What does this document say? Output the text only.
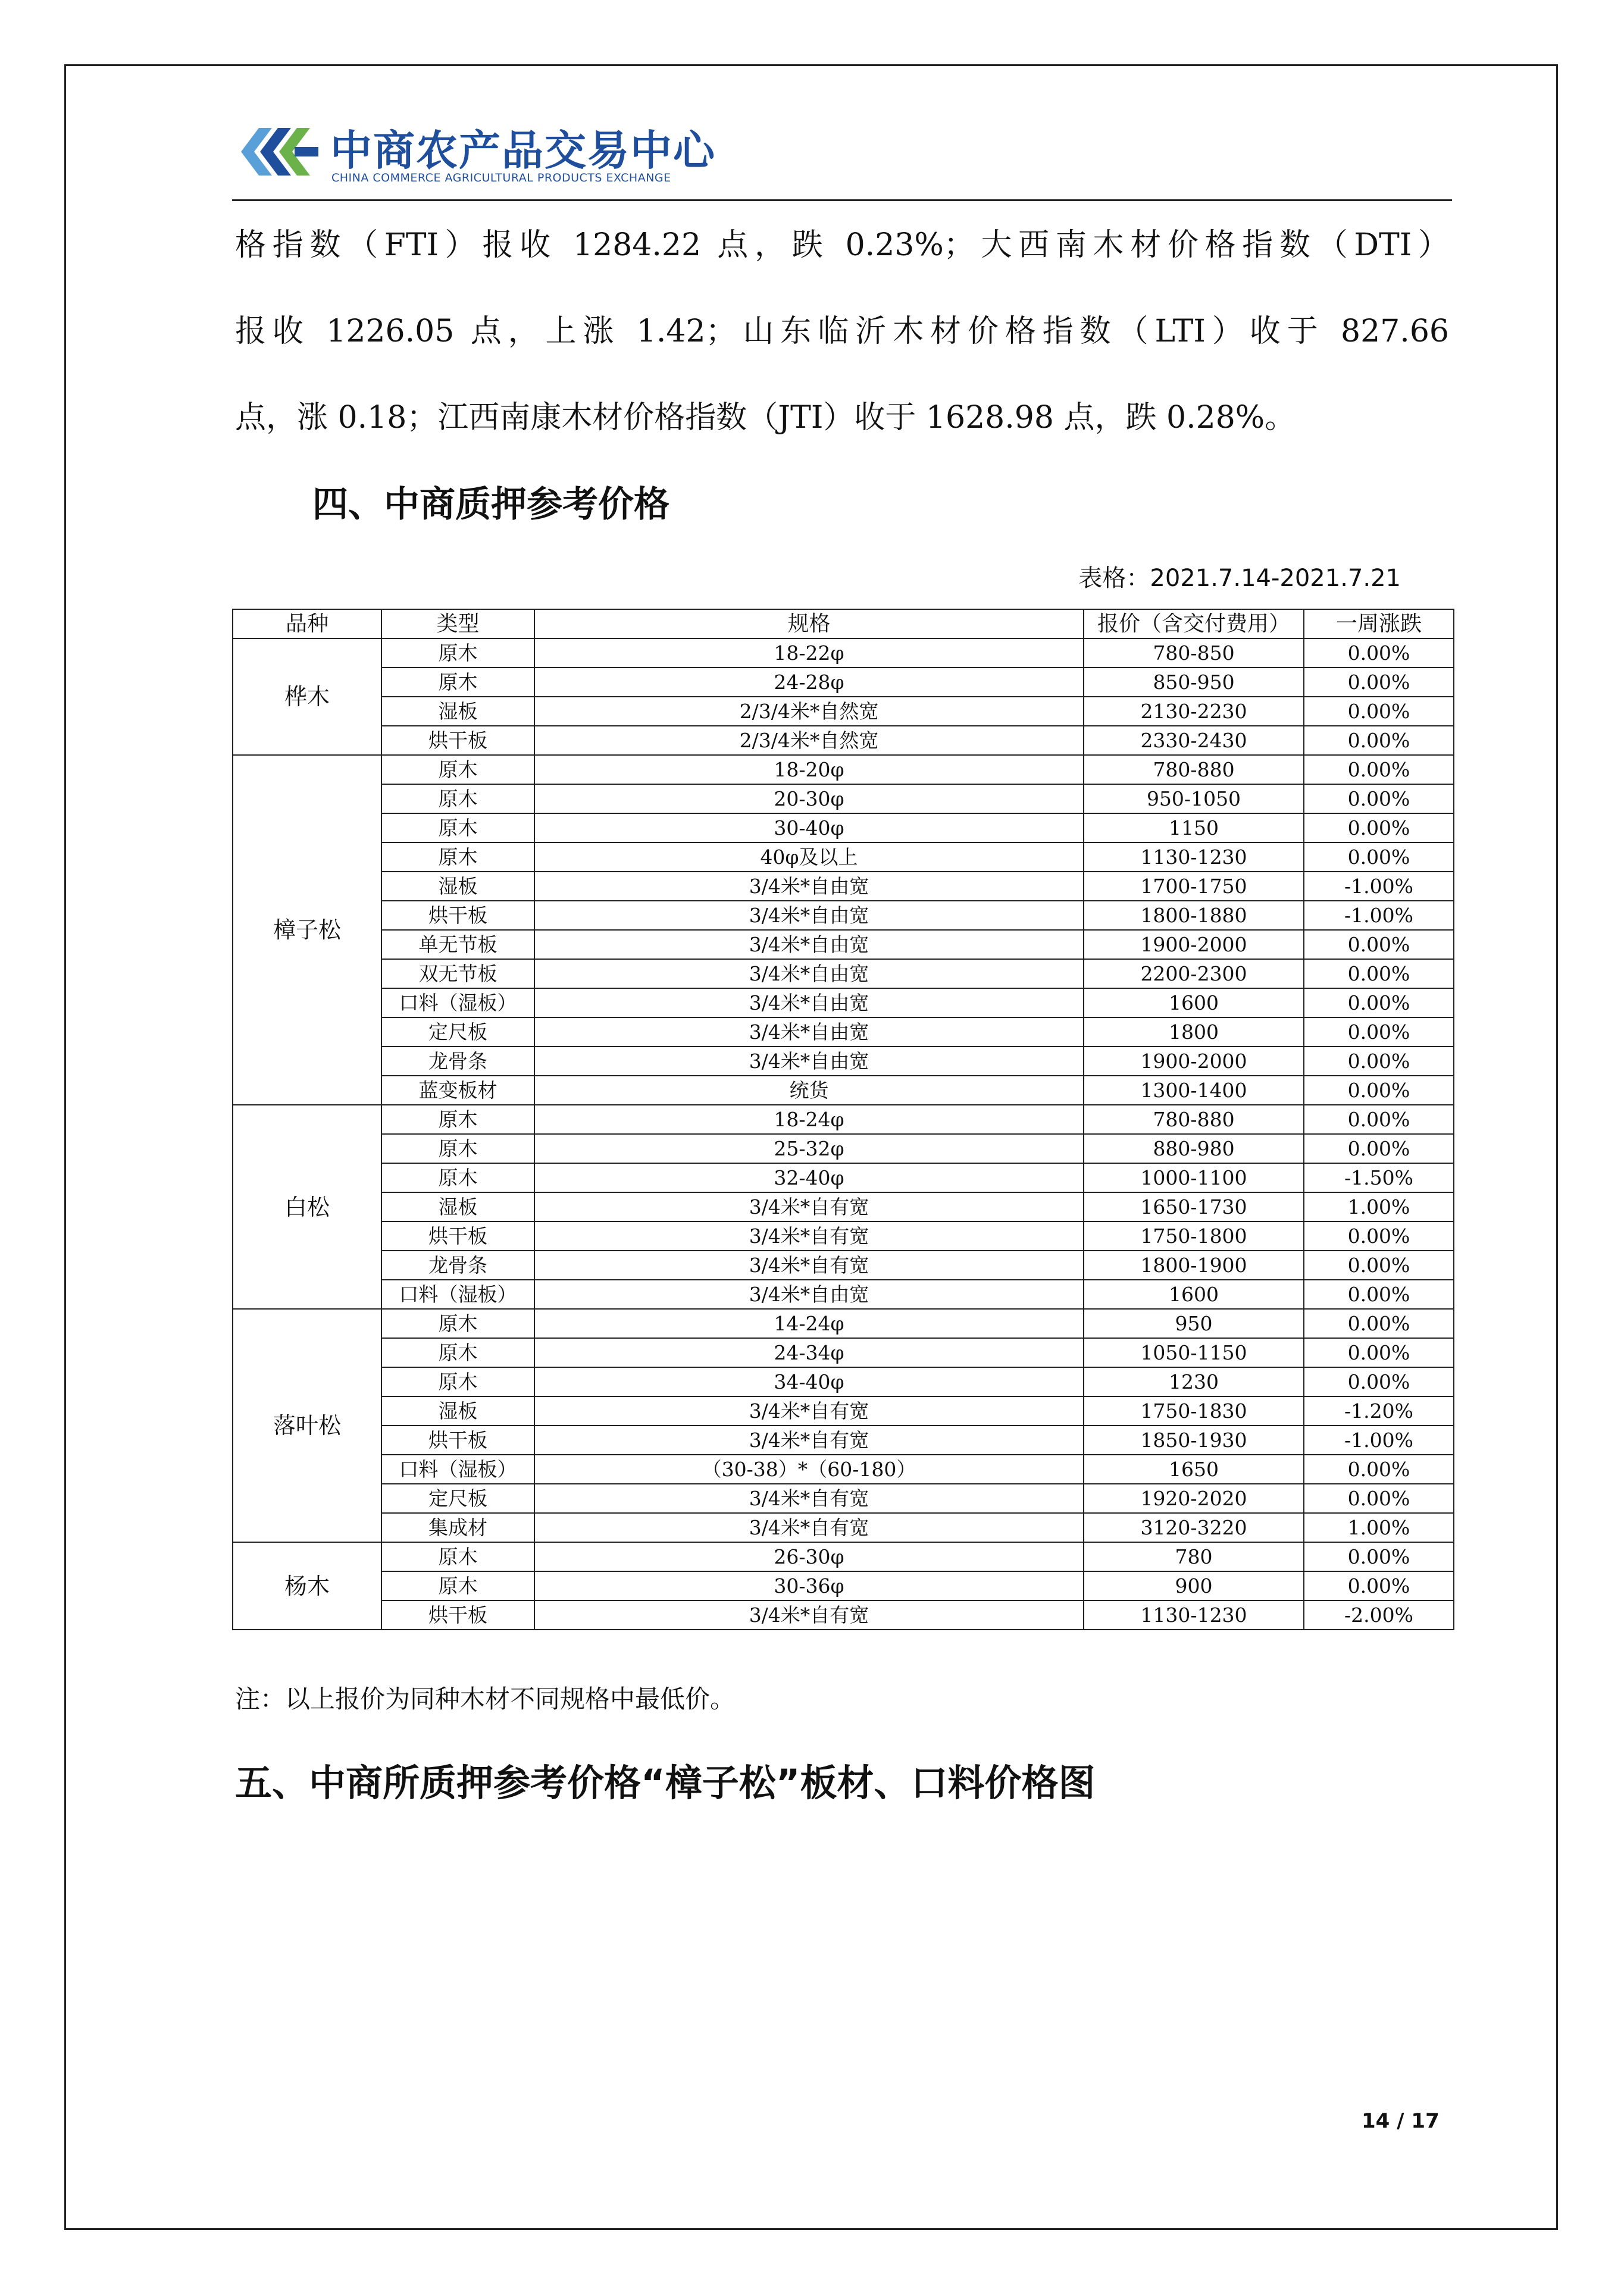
中商农产品交易中心
CHINA COMMERCE AGRICULTURAL PRODUCTS EXCHANGE
格指数（FTI）报收 1284.22 点，跌 0.23%；大西南木材价格指数（DTI）
报收 1226.05 点，上涨 1.42；山东临沂木材价格指数（LTI）收于 827.66
点，涨 0.18；江西南康木材价格指数（JTI）收于 1628.98 点，跌 0.28%。
四、中商质押参考价格
表格：2021.7.14-2021.7.21
品种	类型	规格	报价（含交付费用）	一周涨跌
桦木	原木	18-22φ	780-850	0.00%
	原木	24-28φ	850-950	0.00%
	湿板	2/3/4米*自然宽	2130-2230	0.00%
	烘干板	2/3/4米*自然宽	2330-2430	0.00%
樟子松	原木	18-20φ	780-880	0.00%
	原木	20-30φ	950-1050	0.00%
	原木	30-40φ	1150	0.00%
	原木	40φ及以上	1130-1230	0.00%
	湿板	3/4米*自由宽	1700-1750	-1.00%
	烘干板	3/4米*自由宽	1800-1880	-1.00%
	单无节板	3/4米*自由宽	1900-2000	0.00%
	双无节板	3/4米*自由宽	2200-2300	0.00%
	口料（湿板）	3/4米*自由宽	1600	0.00%
	定尺板	3/4米*自由宽	1800	0.00%
	龙骨条	3/4米*自由宽	1900-2000	0.00%
	蓝变板材	统货	1300-1400	0.00%
白松	原木	18-24φ	780-880	0.00%
	原木	25-32φ	880-980	0.00%
	原木	32-40φ	1000-1100	-1.50%
	湿板	3/4米*自有宽	1650-1730	1.00%
	烘干板	3/4米*自有宽	1750-1800	0.00%
	龙骨条	3/4米*自有宽	1800-1900	0.00%
	口料（湿板）	3/4米*自由宽	1600	0.00%
落叶松	原木	14-24φ	950	0.00%
	原木	24-34φ	1050-1150	0.00%
	原木	34-40φ	1230	0.00%
	湿板	3/4米*自有宽	1750-1830	-1.20%
	烘干板	3/4米*自有宽	1850-1930	-1.00%
	口料（湿板）	（30-38）*（60-180）	1650	0.00%
	定尺板	3/4米*自有宽	1920-2020	0.00%
	集成材	3/4米*自有宽	3120-3220	1.00%
杨木	原木	26-30φ	780	0.00%
	原木	30-36φ	900	0.00%
	烘干板	3/4米*自有宽	1130-1230	-2.00%
注：以上报价为同种木材不同规格中最低价。
五、中商所质押参考价格“樟子松”板材、口料价格图
14 / 17
